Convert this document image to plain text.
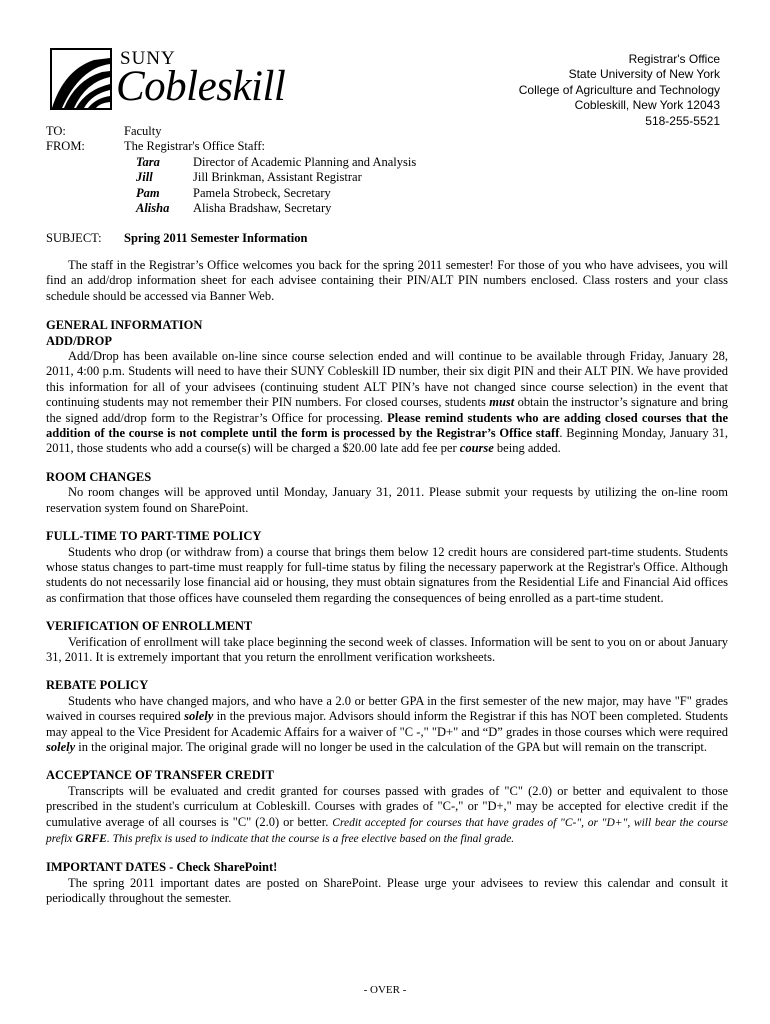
SUNY
Cobleskill
Registrar's Office
State University of New York
College of Agriculture and Technology
Cobleskill, New York 12043
518-255-5521
TO:	Faculty
FROM:	The Registrar's Office Staff:
Tara	Director of Academic Planning and Analysis
Jill	Jill Brinkman, Assistant Registrar
Pam	Pamela Strobeck, Secretary
Alisha	Alisha Bradshaw, Secretary
SUBJECT:	Spring 2011 Semester Information

The staff in the Registrar’s Office welcomes you back for the spring 2011 semester! For those of you who have advisees, you will find an add/drop information sheet for each advisee containing their PIN/ALT PIN numbers enclosed. Class rosters and your class schedule should be accessed via Banner Web.

GENERAL INFORMATION

ADD/DROP

Add/Drop has been available on-line since course selection ended and will continue to be available through Friday, January 28, 2011, 4:00 p.m. Students will need to have their SUNY Cobleskill ID number, their six digit PIN and their ALT PIN. We have provided this information for all of your advisees (continuing student ALT PIN’s have not changed since course selection) in the event that continuing students may not remember their PIN numbers. For closed courses, students must obtain the instructor’s signature and bring the signed add/drop form to the Registrar’s Office for processing. Please remind students who are adding closed courses that the addition of the course is not complete until the form is processed by the Registrar’s Office staff. Beginning Monday, January 31, 2011, those students who add a course(s) will be charged a $20.00 late add fee per course being added.

ROOM CHANGES

No room changes will be approved until Monday, January 31, 2011. Please submit your requests by utilizing the on-line room reservation system found on SharePoint.

FULL-TIME TO PART-TIME POLICY

Students who drop (or withdraw from) a course that brings them below 12 credit hours are considered part-time students. Students whose status changes to part-time must reapply for full-time status by filing the necessary paperwork at the Registrar's Office. Although students do not necessarily lose financial aid or housing, they must obtain signatures from the Residential Life and Financial Aid offices as confirmation that those offices have counseled them regarding the consequences of being enrolled as a part-time student.

VERIFICATION OF ENROLLMENT

Verification of enrollment will take place beginning the second week of classes. Information will be sent to you on or about January 31, 2011. It is extremely important that you return the enrollment verification worksheets.

REBATE POLICY

Students who have changed majors, and who have a 2.0 or better GPA in the first semester of the new major, may have "F" grades waived in courses required solely in the previous major. Advisors should inform the Registrar if this has NOT been completed. Students may appeal to the Vice President for Academic Affairs for a waiver of "C -," "D+" and “D” grades in those courses which were required solely in the original major. The original grade will no longer be used in the calculation of the GPA but will remain on the transcript.

ACCEPTANCE OF TRANSFER CREDIT

Transcripts will be evaluated and credit granted for courses passed with grades of "C" (2.0) or better and equivalent to those prescribed in the student's curriculum at Cobleskill. Courses with grades of "C-," or "D+," may be accepted for elective credit if the cumulative average of all courses is "C" (2.0) or better. Credit accepted for courses that have grades of "C-", or "D+", will bear the course prefix GRFE. This prefix is used to indicate that the course is a free elective based on the final grade.

IMPORTANT DATES - Check SharePoint!

The spring 2011 important dates are posted on SharePoint. Please urge your advisees to review this calendar and consult it periodically throughout the semester.

- OVER -
